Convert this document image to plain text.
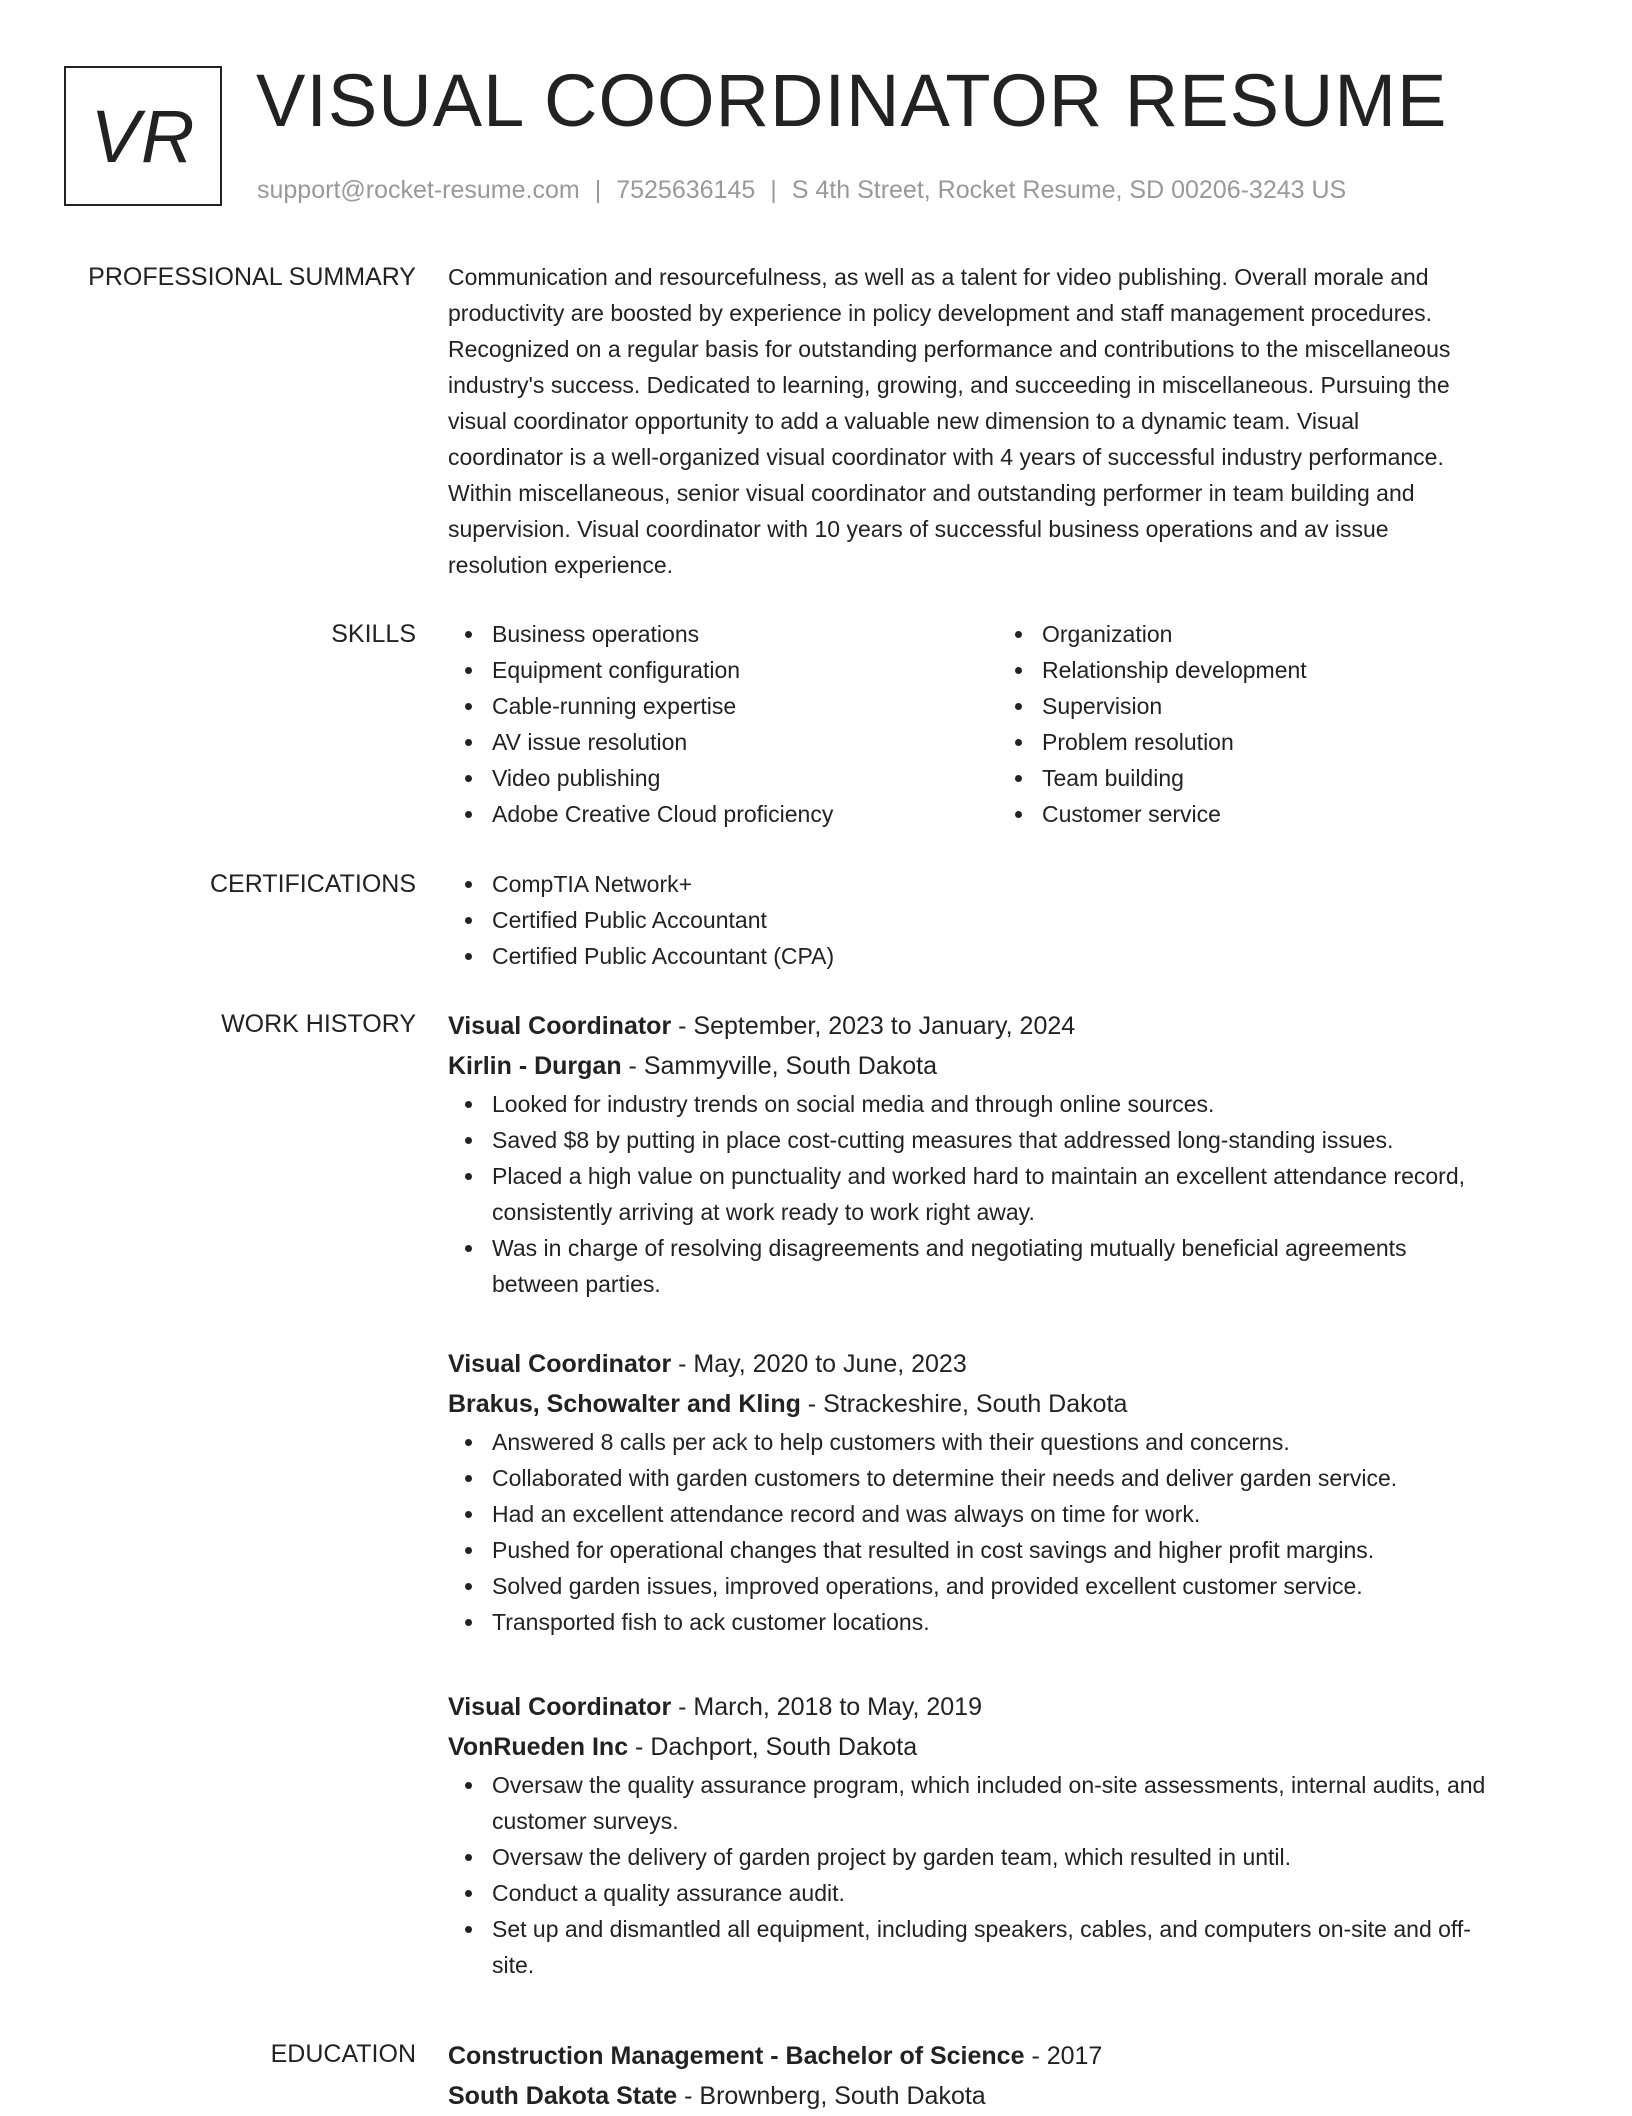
VR VISUAL COORDINATOR RESUME
support@rocket-resume.com | 7525636145 | S 4th Street, Rocket Resume, SD 00206-3243 US
PROFESSIONAL SUMMARY Communication and resourcefulness, as well as a talent for video publishing. Overall morale and
productivity are boosted by experience in policy development and staff management procedures.
Recognized on a regular basis for outstanding performance and contributions to the miscellaneous
industry's success. Dedicated to learning, growing, and succeeding in miscellaneous. Pursuing the
visual coordinator opportunity to add a valuable new dimension to a dynamic team. Visual
coordinator is a well-organized visual coordinator with 4 years of successful industry performance.
Within miscellaneous, senior visual coordinator and outstanding performer in team building and
supervision. Visual coordinator with 10 years of successful business operations and av issue
resolution experience.
SKILLS	Business operations
Equipment configuration
Cable-running expertise
AV issue resolution
Video publishing
Adobe Creative Cloud proficiency
Organization
Relationship development
Supervision
Problem resolution
Team building
Customer service
CERTIFICATIONS	CompTIA Network+
Certified Public Accountant
Certified Public Accountant (CPA)
WORK HISTORY Visual Coordinator - September, 2023 to January, 2024
Kirlin - Durgan - Sammyville, South Dakota
Looked for industry trends on social media and through online sources.
Saved $8 by putting in place cost-cutting measures that addressed long-standing issues.
Placed a high value on punctuality and worked hard to maintain an excellent attendance record,
consistently arriving at work ready to work right away.
Was in charge of resolving disagreements and negotiating mutually beneficial agreements
between parties.
Visual Coordinator - May, 2020 to June, 2023
Brakus, Schowalter and Kling - Strackeshire, South Dakota
Answered 8 calls per ack to help customers with their questions and concerns.
Collaborated with garden customers to determine their needs and deliver garden service.
Had an excellent attendance record and was always on time for work.
Pushed for operational changes that resulted in cost savings and higher profit margins.
Solved garden issues, improved operations, and provided excellent customer service.
Transported fish to ack customer locations.
Visual Coordinator - March, 2018 to May, 2019
VonRueden Inc - Dachport, South Dakota
Oversaw the quality assurance program, which included on-site assessments, internal audits, and
customer surveys.
Oversaw the delivery of garden project by garden team, which resulted in until.
Conduct a quality assurance audit.
Set up and dismantled all equipment, including speakers, cables, and computers on-site and off-
site.
EDUCATION Construction Management - Bachelor of Science - 2017
South Dakota State - Brownberg, South Dakota
